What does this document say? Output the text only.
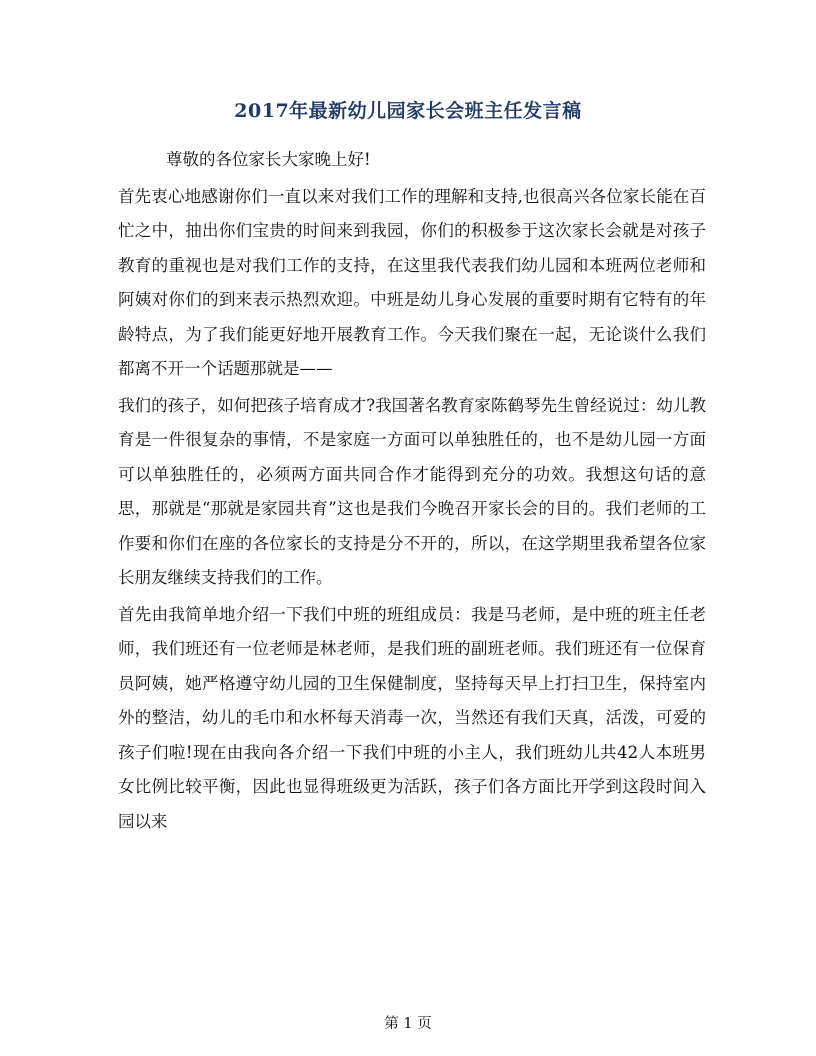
2017年最新幼儿园家长会班主任发言稿

尊敬的各位家长大家晚上好!

首先衷心地感谢你们一直以来对我们工作的理解和支持,也很高兴各位家长能在百忙之中，抽出你们宝贵的时间来到我园，你们的积极参于这次家长会就是对孩子教育的重视也是对我们工作的支持，在这里我代表我们幼儿园和本班两位老师和阿姨对你们的到来表示热烈欢迎。中班是幼儿身心发展的重要时期有它特有的年龄特点，为了我们能更好地开展教育工作。今天我们聚在一起，无论谈什么我们都离不开一个话题那就是——

我们的孩子，如何把孩子培育成才?我国著名教育家陈鹤琴先生曾经说过：幼儿教育是一件很复杂的事情，不是家庭一方面可以单独胜任的，也不是幼儿园一方面可以单独胜任的，必须两方面共同合作才能得到充分的功效。我想这句话的意思，那就是“那就是家园共育”这也是我们今晚召开家长会的目的。我们老师的工作要和你们在座的各位家长的支持是分不开的，所以，在这学期里我希望各位家长朋友继续支持我们的工作。

首先由我简单地介绍一下我们中班的班组成员：我是马老师，是中班的班主任老师，我们班还有一位老师是林老师，是我们班的副班老师。我们班还有一位保育员阿姨，她严格遵守幼儿园的卫生保健制度，坚持每天早上打扫卫生，保持室内外的整洁，幼儿的毛巾和水杯每天消毒一次，当然还有我们天真，活泼，可爱的孩子们啦!现在由我向各介绍一下我们中班的小主人，我们班幼儿共42人本班男女比例比较平衡，因此也显得班级更为活跃，孩子们各方面比开学到这段时间入园以来

第 1 页
